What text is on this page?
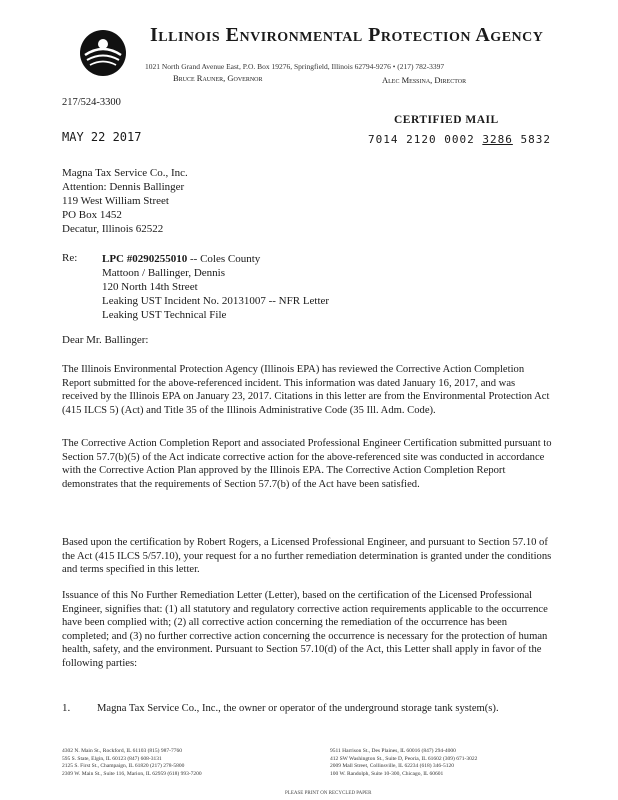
Illinois Environmental Protection Agency
1021 North Grand Avenue East, P.O. Box 19276, Springfield, Illinois 62794-9276 • (217) 782-3397
Bruce Rauner, Governor	Alec Messina, Director
217/524-3300
CERTIFIED MAIL
7014 2120 0002 3286 5832
MAY 22 2017
Magna Tax Service Co., Inc.
Attention: Dennis Ballinger
119 West William Street
PO Box 1452
Decatur, Illinois 62522
Re: LPC #0290255010 -- Coles County
Mattoon / Ballinger, Dennis
120 North 14th Street
Leaking UST Incident No. 20131007 -- NFR Letter
Leaking UST Technical File
Dear Mr. Ballinger:
The Illinois Environmental Protection Agency (Illinois EPA) has reviewed the Corrective Action Completion Report submitted for the above-referenced incident. This information was dated January 16, 2017, and was received by the Illinois EPA on January 23, 2017. Citations in this letter are from the Environmental Protection Act (415 ILCS 5) (Act) and Title 35 of the Illinois Administrative Code (35 Ill. Adm. Code).
The Corrective Action Completion Report and associated Professional Engineer Certification submitted pursuant to Section 57.7(b)(5) of the Act indicate corrective action for the above-referenced site was conducted in accordance with the Corrective Action Plan approved by the Illinois EPA. The Corrective Action Completion Report demonstrates that the requirements of Section 57.7(b) of the Act have been satisfied.
Based upon the certification by Robert Rogers, a Licensed Professional Engineer, and pursuant to Section 57.10 of the Act (415 ILCS 5/57.10), your request for a no further remediation determination is granted under the conditions and terms specified in this letter.
Issuance of this No Further Remediation Letter (Letter), based on the certification of the Licensed Professional Engineer, signifies that: (1) all statutory and regulatory corrective action requirements applicable to the occurrence have been complied with; (2) all corrective action concerning the remediation of the occurrence has been completed; and (3) no further corrective action concerning the occurrence is necessary for the protection of human health, safety, and the environment. Pursuant to Section 57.10(d) of the Act, this Letter shall apply in favor of the following parties:
1.	Magna Tax Service Co., Inc., the owner or operator of the underground storage tank system(s).
4302 N. Main St., Rockford, IL 61103 (815) 987-7760
595 S. State, Elgin, IL 60123 (847) 608-3131
2125 S. First St., Champaign, IL 61820 (217) 278-5800
2309 W. Main St., Suite 116, Marion, IL 62959 (618) 993-7200
9511 Harrison St., Des Plaines, IL 60016 (847) 294-4000
412 SW Washington St., Suite D, Peoria, IL 61602 (309) 671-3022
2009 Mall Street, Collinsville, IL 62234 (618) 346-5120
100 W. Randolph, Suite 10-300, Chicago, IL 60601
PLEASE PRINT ON RECYCLED PAPER
